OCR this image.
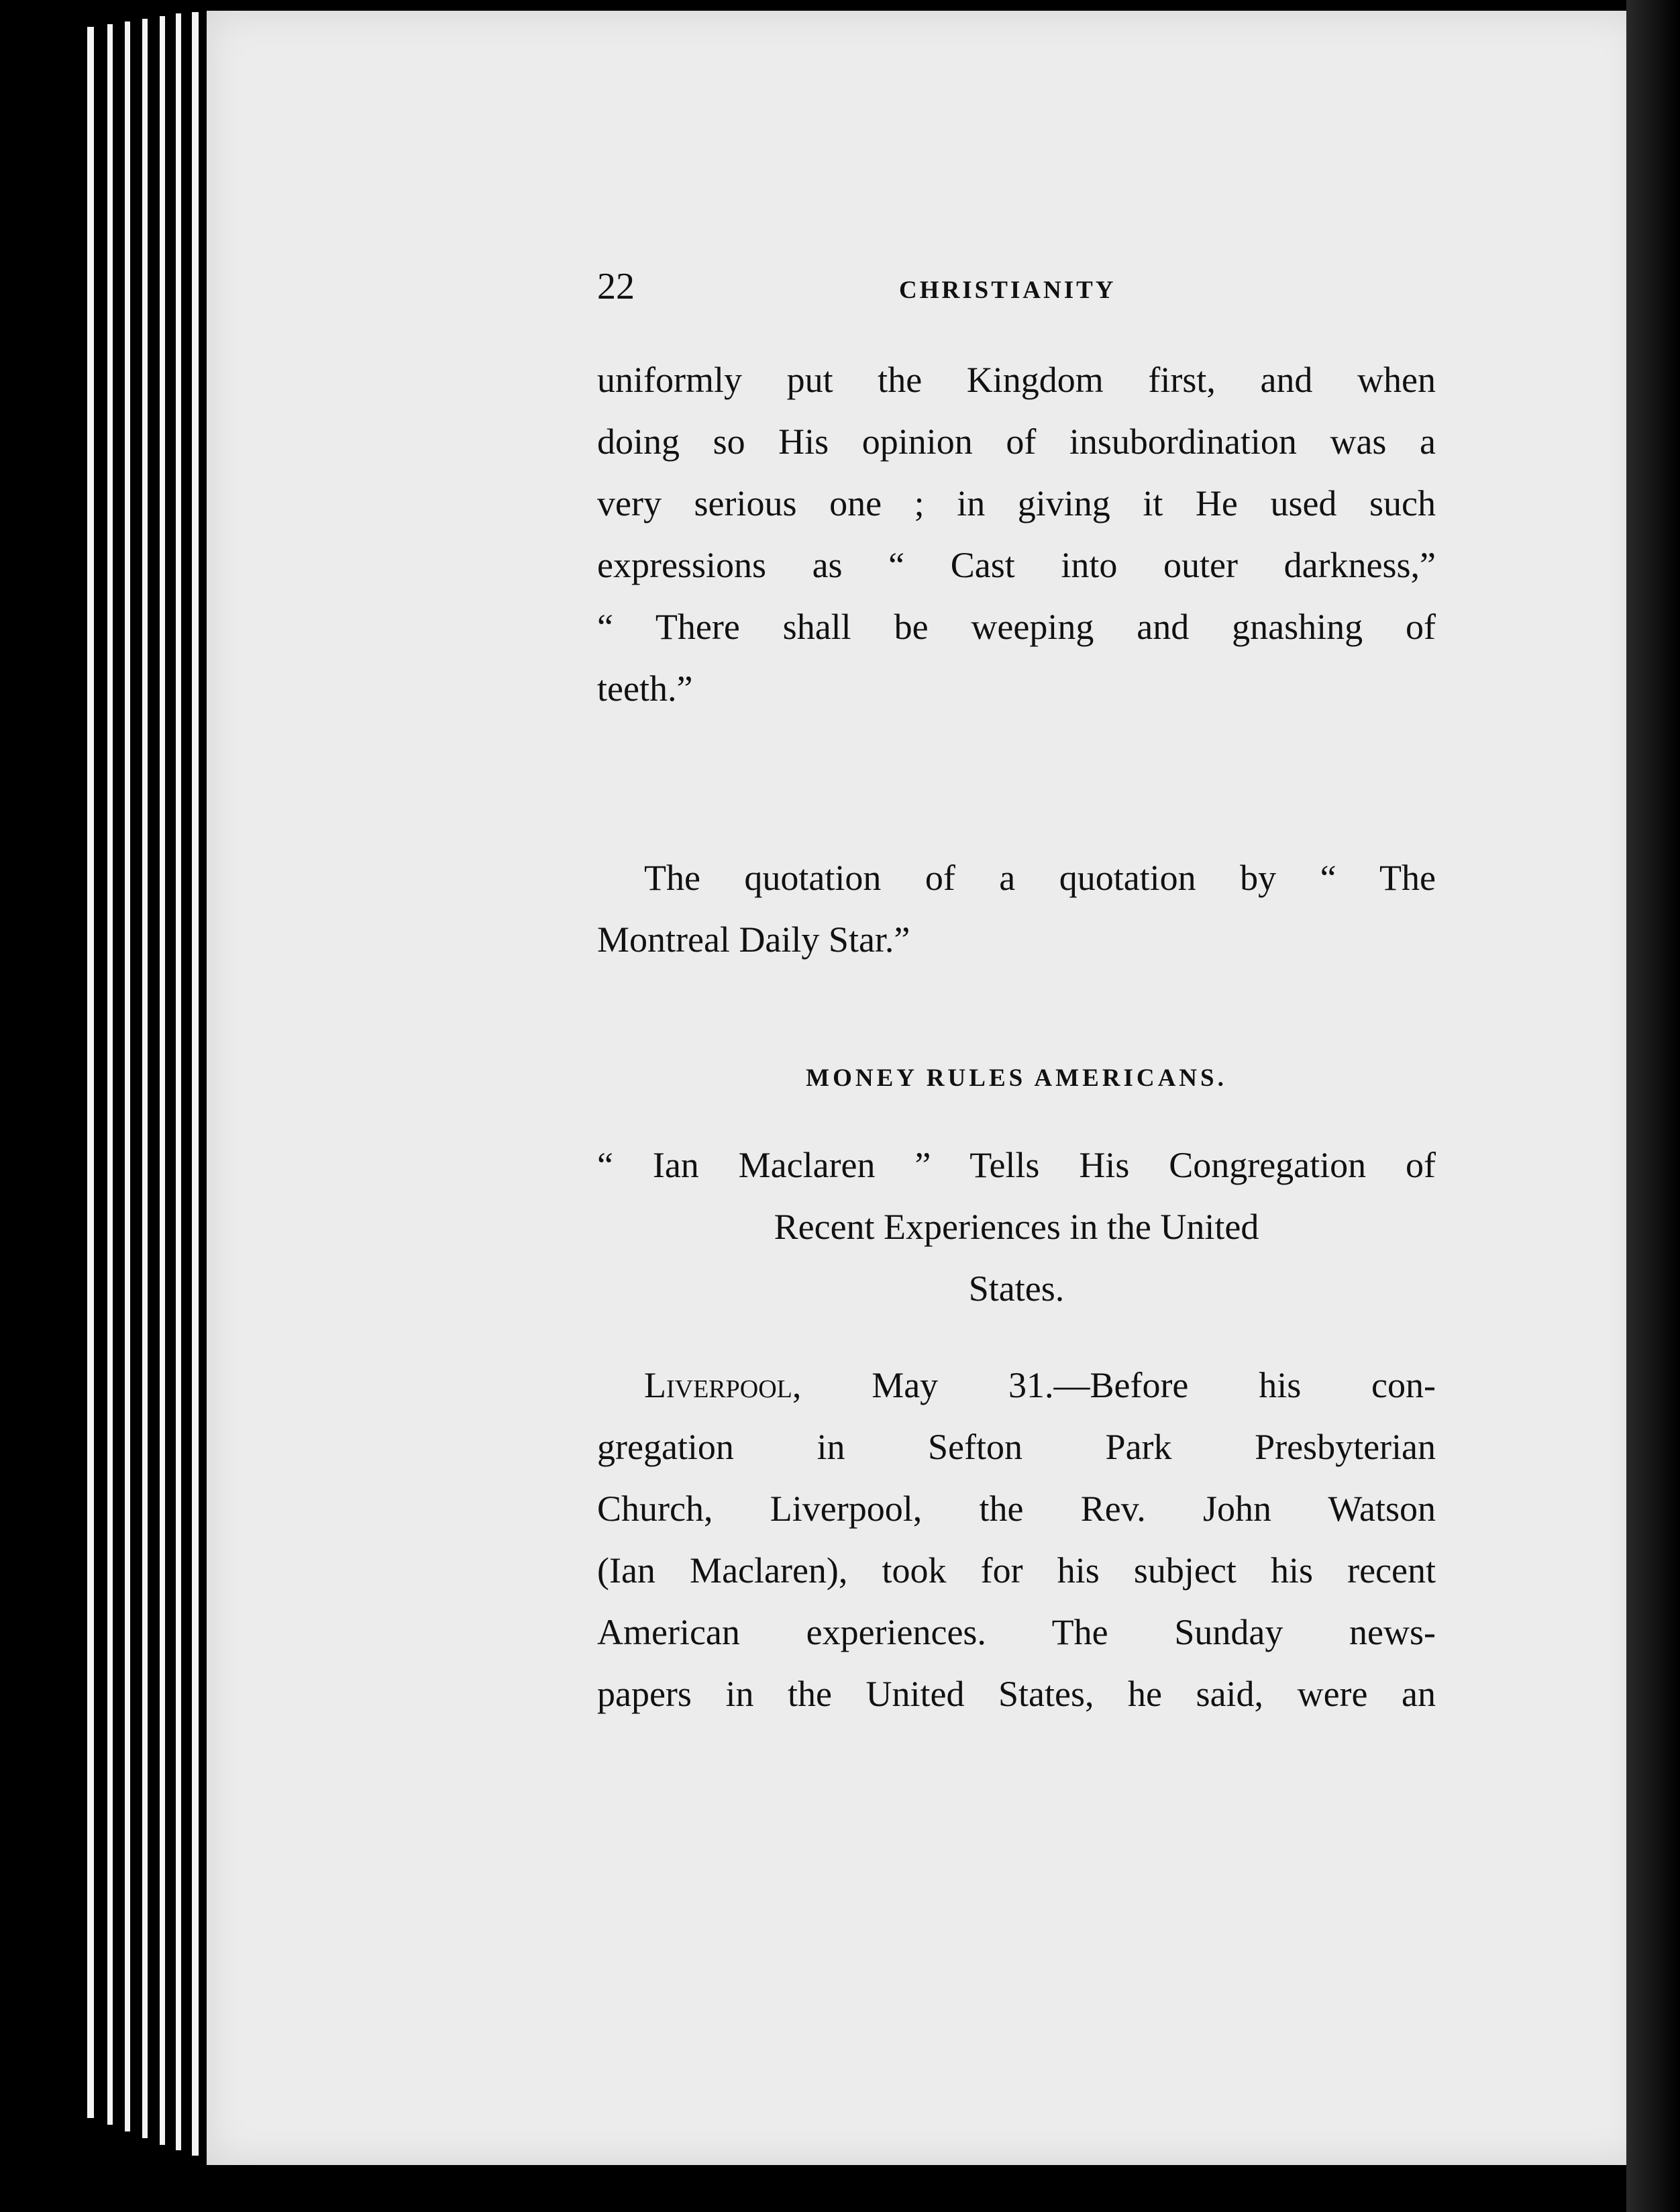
22	CHRISTIANITY
uniformly put the Kingdom first, and when
doing so His opinion of insubordination was a
very serious one ; in giving it He used such
expressions as “ Cast into outer darkness,”
“ There shall be weeping and gnashing of
teeth.”
The quotation of a quotation by “ The
Montreal Daily Star.”
MONEY RULES AMERICANS.
“ Ian Maclaren ” Tells His Congregation of
Recent Experiences in the United
States.
Liverpool, May 31.—Before his con-
gregation in Sefton Park Presbyterian
Church, Liverpool, the Rev. John Watson
(Ian Maclaren), took for his subject his recent
American experiences. The Sunday news-
papers in the United States, he said, were an
